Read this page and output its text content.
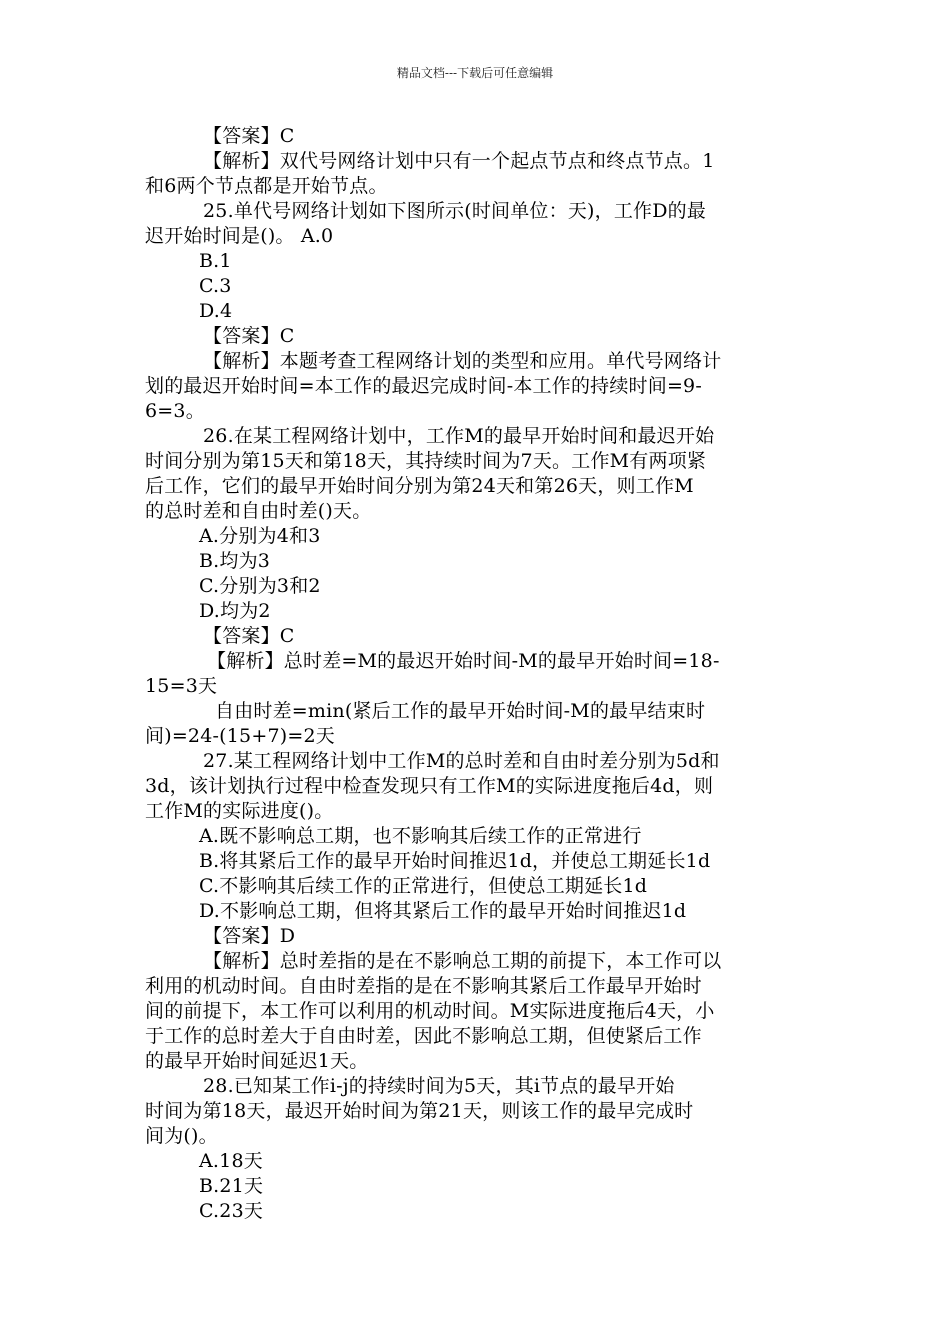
精品文档---下载后可任意编辑
【答案】C
【解析】双代号网络计划中只有一个起点节点和终点节点。1
和6两个节点都是开始节点。
25.单代号网络计划如下图所示(时间单位：天)，工作D的最
迟开始时间是()。 A.0
B.1
C.3
D.4
【答案】C
【解析】本题考查工程网络计划的类型和应用。单代号网络计
划的最迟开始时间=本工作的最迟完成时间-本工作的持续时间=9-
6=3。
26.在某工程网络计划中，工作M的最早开始时间和最迟开始
时间分别为第15天和第18天，其持续时间为7天。工作M有两项紧
后工作，它们的最早开始时间分别为第24天和第26天，则工作M
的总时差和自由时差()天。
A.分别为4和3
B.均为3
C.分别为3和2
D.均为2
【答案】C
【解析】总时差=M的最迟开始时间-M的最早开始时间=18-
15=3天
自由时差=min(紧后工作的最早开始时间-M的最早结束时
间)=24-(15+7)=2天
27.某工程网络计划中工作M的总时差和自由时差分别为5d和
3d，该计划执行过程中检查发现只有工作M的实际进度拖后4d，则
工作M的实际进度()。
A.既不影响总工期，也不影响其后续工作的正常进行
B.将其紧后工作的最早开始时间推迟1d，并使总工期延长1d
C.不影响其后续工作的正常进行，但使总工期延长1d
D.不影响总工期，但将其紧后工作的最早开始时间推迟1d
【答案】D
【解析】总时差指的是在不影响总工期的前提下，本工作可以
利用的机动时间。自由时差指的是在不影响其紧后工作最早开始时
间的前提下，本工作可以利用的机动时间。M实际进度拖后4天，小
于工作的总时差大于自由时差，因此不影响总工期，但使紧后工作
的最早开始时间延迟1天。
28.已知某工作i-j的持续时间为5天，其i节点的最早开始
时间为第18天，最迟开始时间为第21天，则该工作的最早完成时
间为()。
A.18天
B.21天
C.23天
